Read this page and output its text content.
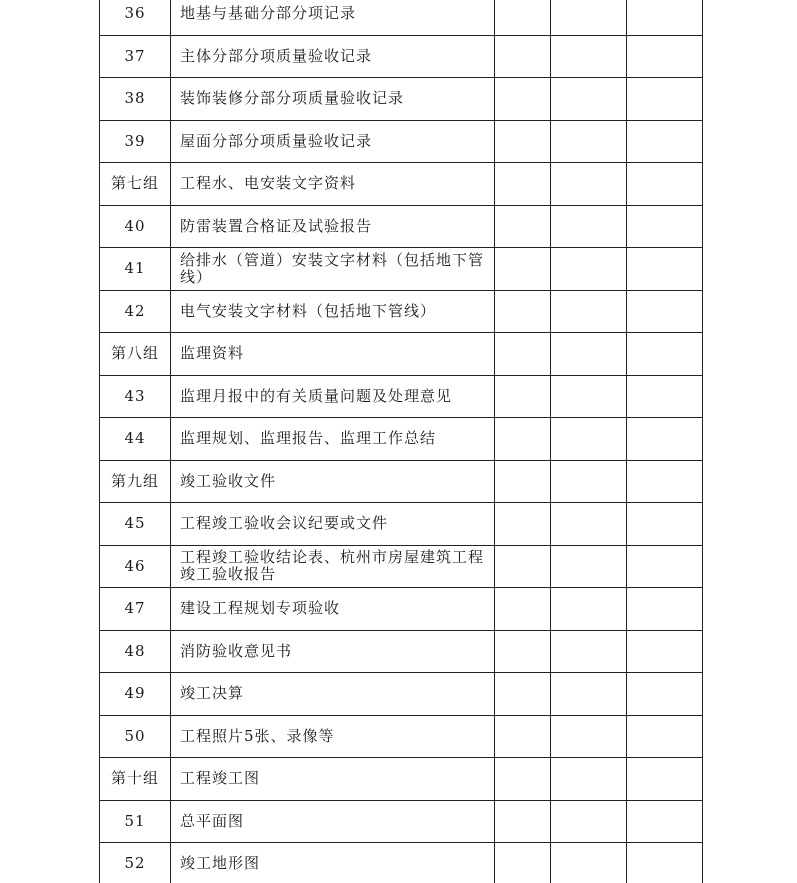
36	地基与基础分部分项记录			
37	主体分部分项质量验收记录			
38	装饰装修分部分项质量验收记录			
39	屋面分部分项质量验收记录			
第七组	工程水、电安装文字资料			
40	防雷装置合格证及试验报告			
41	给排水（管道）安装文字材料（包括地下管线）			
42	电气安装文字材料（包括地下管线）			
第八组	监理资料			
43	监理月报中的有关质量问题及处理意见			
44	监理规划、监理报告、监理工作总结			
第九组	竣工验收文件			
45	工程竣工验收会议纪要或文件			
46	工程竣工验收结论表、杭州市房屋建筑工程竣工验收报告			
47	建设工程规划专项验收			
48	消防验收意见书			
49	竣工决算			
50	工程照片5张、录像等			
第十组	工程竣工图			
51	总平面图			
52	竣工地形图			
